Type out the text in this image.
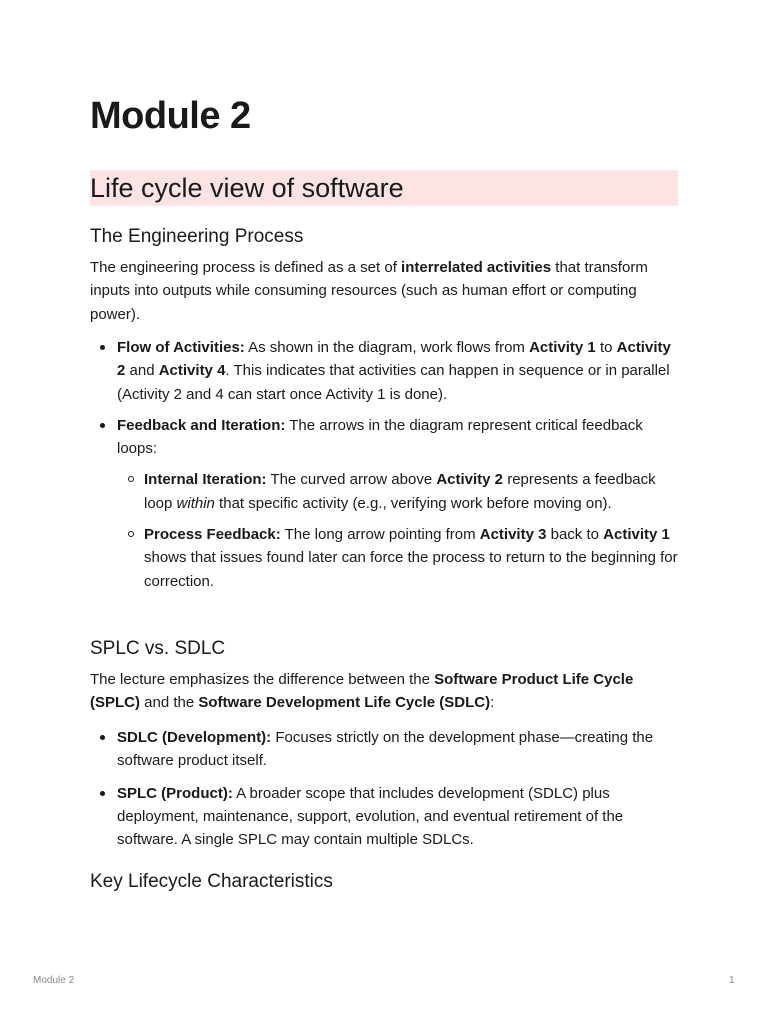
Module 2
Life cycle view of software
The Engineering Process

The engineering process is defined as a set of interrelated activities that transform inputs into outputs while consuming resources (such as human effort or computing power).

Flow of Activities: As shown in the diagram, work flows from Activity 1 to Activity 2 and Activity 4. This indicates that activities can happen in sequence or in parallel (Activity 2 and 4 can start once Activity 1 is done).
Feedback and Iteration: The arrows in the diagram represent critical feedback loops:
Internal Iteration: The curved arrow above Activity 2 represents a feedback loop within that specific activity (e.g., verifying work before moving on).
Process Feedback: The long arrow pointing from Activity 3 back to Activity 1 shows that issues found later can force the process to return to the beginning for correction.
SPLC vs. SDLC

The lecture emphasizes the difference between the Software Product Life Cycle (SPLC) and the Software Development Life Cycle (SDLC):

SDLC (Development): Focuses strictly on the development phase—creating the software product itself.
SPLC (Product): A broader scope that includes development (SDLC) plus deployment, maintenance, support, evolution, and eventual retirement of the software. A single SPLC may contain multiple SDLCs.
Key Lifecycle Characteristics
Module 2	1
